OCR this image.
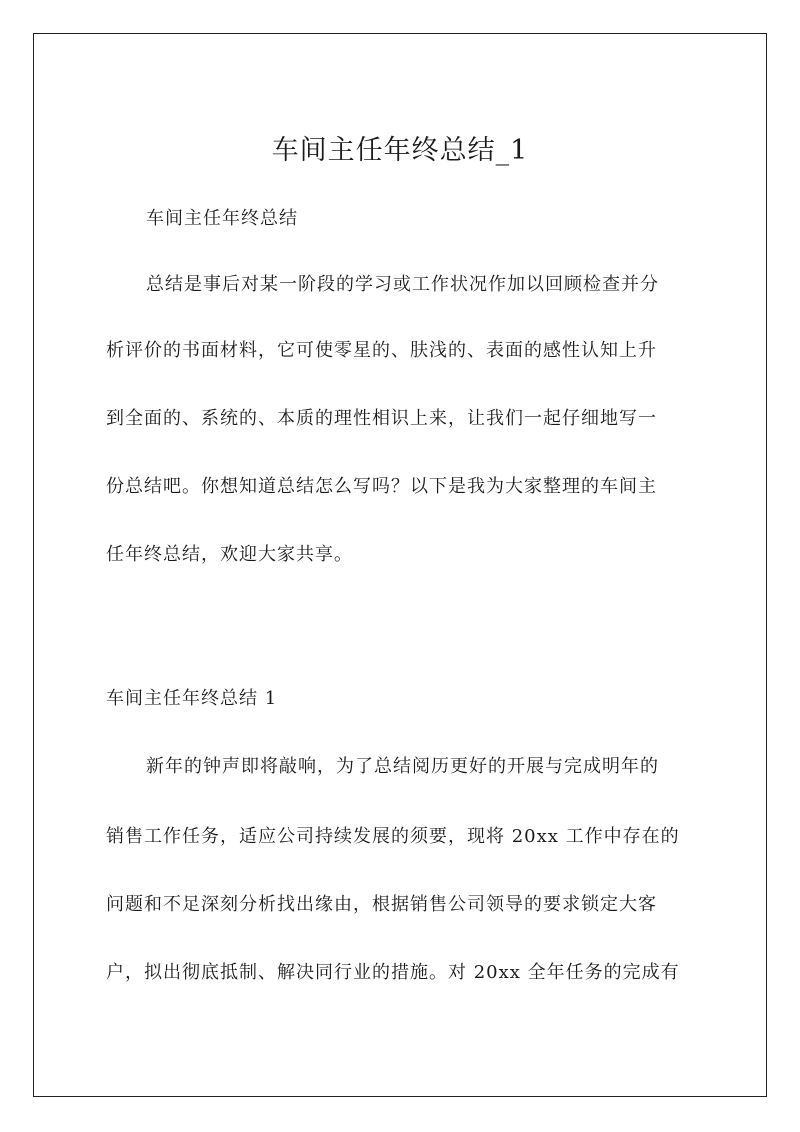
车间主任年终总结_1

车间主任年终总结

总结是事后对某一阶段的学习或工作状况作加以回顾检查并分

析评价的书面材料，它可使零星的、肤浅的、表面的感性认知上升

到全面的、系统的、本质的理性相识上来，让我们一起仔细地写一

份总结吧。你想知道总结怎么写吗？以下是我为大家整理的车间主

任年终总结，欢迎大家共享。

车间主任年终总结 1

新年的钟声即将敲响，为了总结阅历更好的开展与完成明年的

销售工作任务，适应公司持续发展的须要，现将 20xx 工作中存在的

问题和不足深刻分析找出缘由，根据销售公司领导的要求锁定大客

户，拟出彻底抵制、解决同行业的措施。对 20xx 全年任务的完成有
